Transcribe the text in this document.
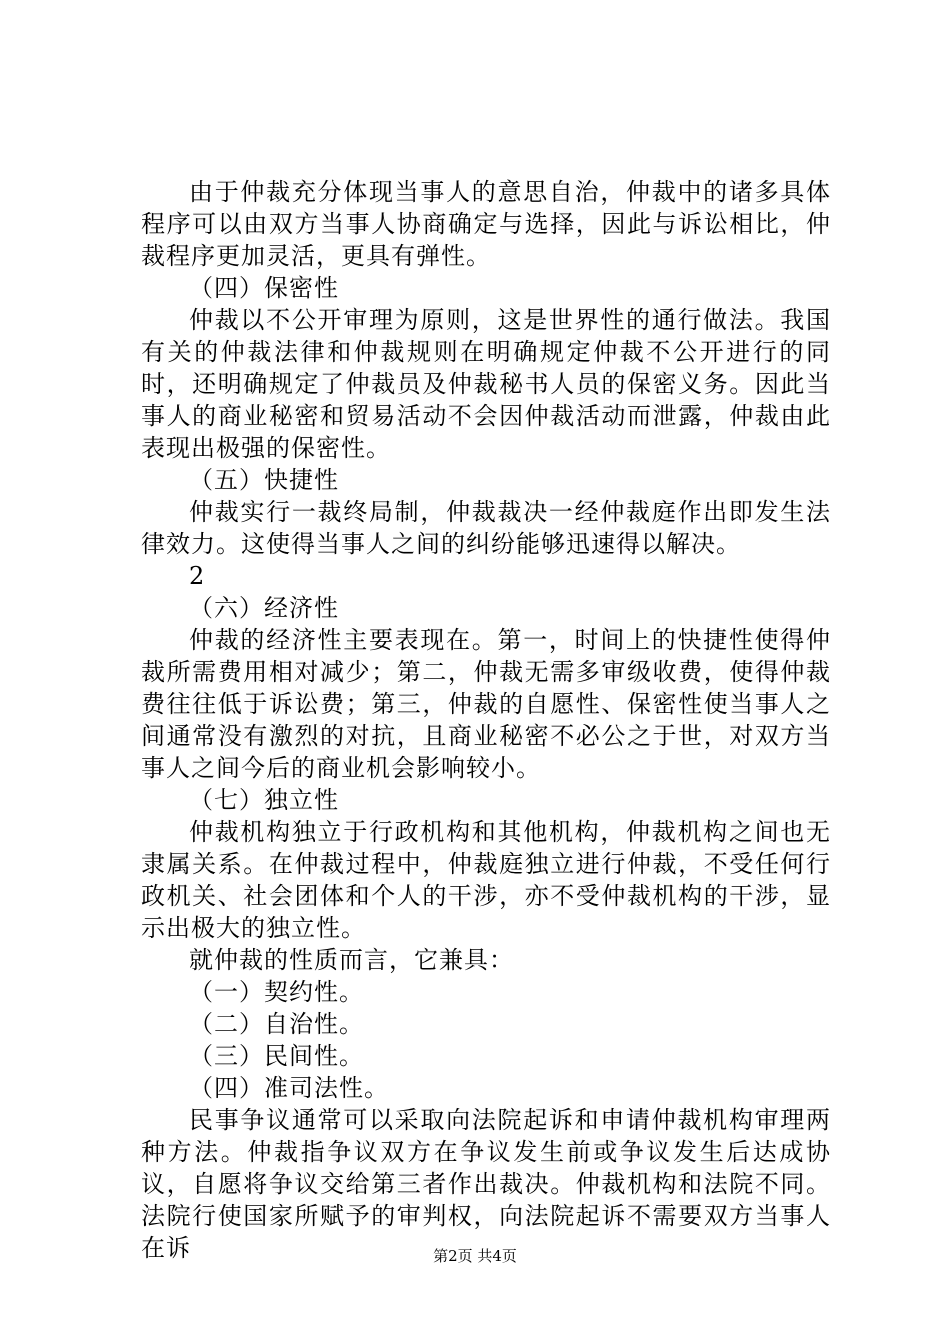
由于仲裁充分体现当事人的意思自治，仲裁中的诸多具体程序可以由双方当事人协商确定与选择，因此与诉讼相比，仲裁程序更加灵活，更具有弹性。

（四）保密性

仲裁以不公开审理为原则，这是世界性的通行做法。我国有关的仲裁法律和仲裁规则在明确规定仲裁不公开进行的同时，还明确规定了仲裁员及仲裁秘书人员的保密义务。因此当事人的商业秘密和贸易活动不会因仲裁活动而泄露，仲裁由此表现出极强的保密性。

（五）快捷性

仲裁实行一裁终局制，仲裁裁决一经仲裁庭作出即发生法律效力。这使得当事人之间的纠纷能够迅速得以解决。

2

（六）经济性

仲裁的经济性主要表现在。第一，时间上的快捷性使得仲裁所需费用相对减少；第二，仲裁无需多审级收费，使得仲裁费往往低于诉讼费；第三，仲裁的自愿性、保密性使当事人之间通常没有激烈的对抗，且商业秘密不必公之于世，对双方当事人之间今后的商业机会影响较小。

（七）独立性

仲裁机构独立于行政机构和其他机构，仲裁机构之间也无隶属关系。在仲裁过程中，仲裁庭独立进行仲裁，不受任何行政机关、社会团体和个人的干涉，亦不受仲裁机构的干涉，显示出极大的独立性。

就仲裁的性质而言，它兼具：

（一）契约性。

（二）自治性。

（三）民间性。

（四）准司法性。

民事争议通常可以采取向法院起诉和申请仲裁机构审理两种方法。仲裁指争议双方在争议发生前或争议发生后达成协议，自愿将争议交给第三者作出裁决。仲裁机构和法院不同。法院行使国家所赋予的审判权，向法院起诉不需要双方当事人在诉	第2页 共4页
